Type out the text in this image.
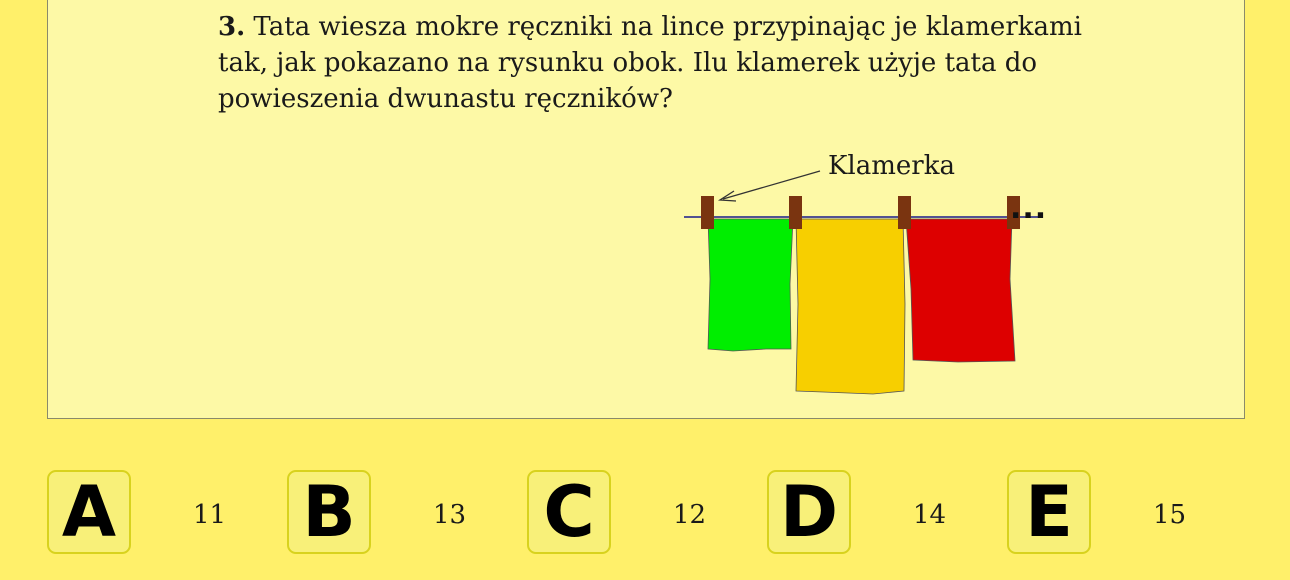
3. Tata wiesza mokre ręczniki na lince przypinając je klamerkami tak, jak pokazano na rysunku obok. Ilu klamerek użyje tata do powieszenia dwunastu ręczników?

Klamerka
...
A	11 B	13 C	12 D	14 E	15
